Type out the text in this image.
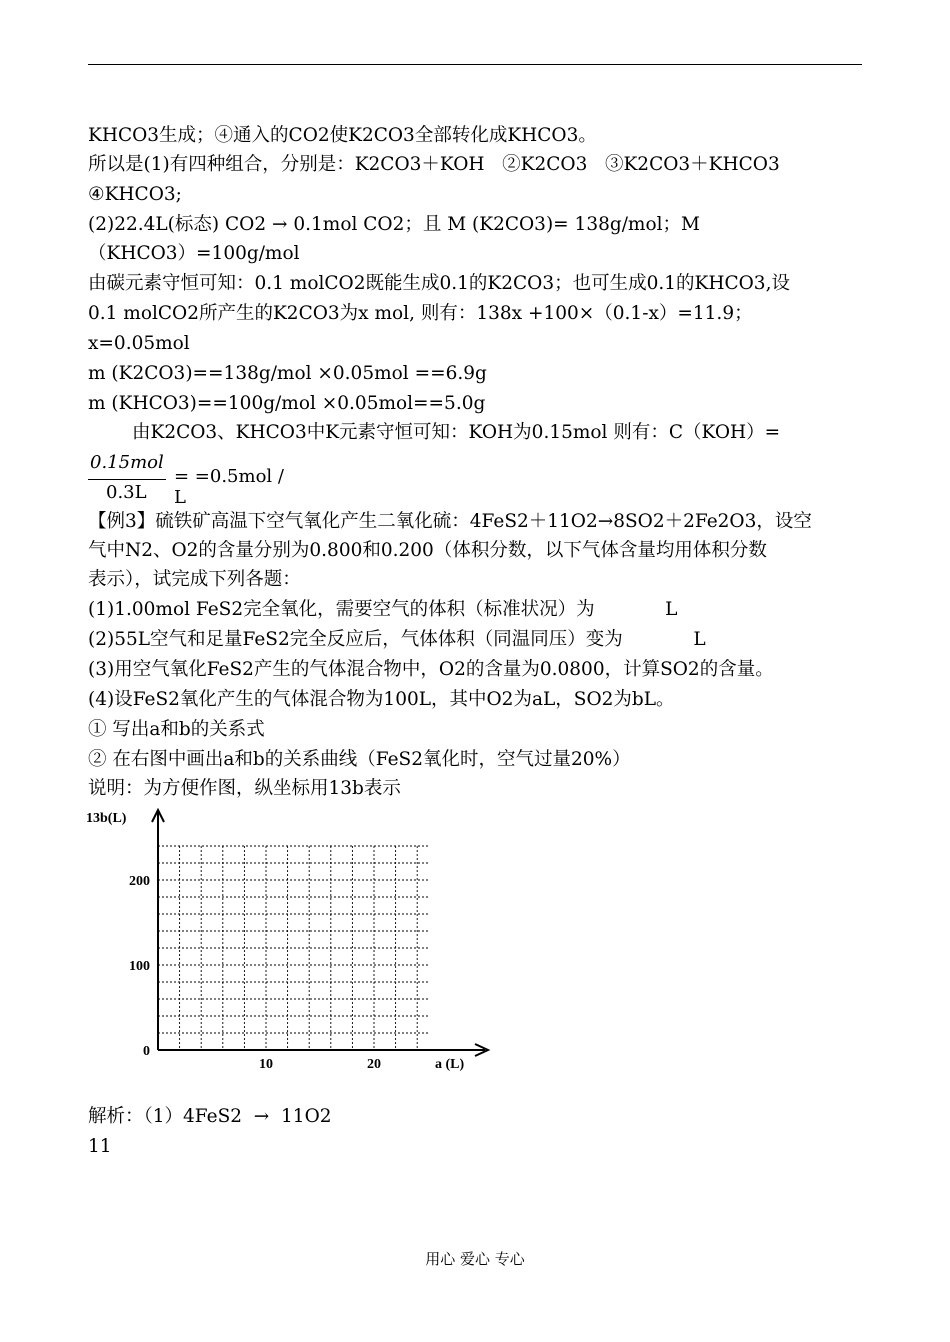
KHCO3生成；④通入的CO2使K2CO3全部转化成KHCO3。
所以是(1)有四种组合，分别是：K2CO3＋KOH   ②K2CO3   ③K2CO3＋KHCO3
④KHCO3;
(2)22.4L(标态) CO2 → 0.1mol CO2；且 M (K2CO3)= 138g/mol；M
（KHCO3）=100g/mol
由碳元素守恒可知：0.1 molCO2既能生成0.1的K2CO3；也可生成0.1的KHCO3,设
0.1 molCO2所产生的K2CO3为x mol, 则有：138x +100×（0.1-x）=11.9；
x=0.05mol
m (K2CO3)==138g/mol ×0.05mol ==6.9g
m (KHCO3)==100g/mol ×0.05mol==5.0g
由K2CO3、KHCO3中K元素守恒可知：KOH为0.15mol 则有：C（KOH）=
0.15mol
0.3L
= =0.5mol / L
【例3】硫铁矿高温下空气氧化产生二氧化硫：4FeS2＋11O2→8SO2＋2Fe2O3，设空
气中N2、O2的含量分别为0.800和0.200（体积分数，以下气体含量均用体积分数
表示），试完成下列各题：
(1)1.00mol FeS2完全氧化，需要空气的体积（标准状况）为            L
(2)55L空气和足量FeS2完全反应后，气体体积（同温同压）变为            L
(3)用空气氧化FeS2产生的气体混合物中，O2的含量为0.0800，计算SO2的含量。
(4)设FeS2氧化产生的气体混合物为100L，其中O2为aL，SO2为bL。
① 写出a和b的关系式
② 在右图中画出a和b的关系曲线（FeS2氧化时，空气过量20%）
说明：为方便作图，纵坐标用13b表示
13b(L)
a (L)
200
100
0
10	20
解析：（1）4FeS2  →  11O2
11
用心 爱心 专心
